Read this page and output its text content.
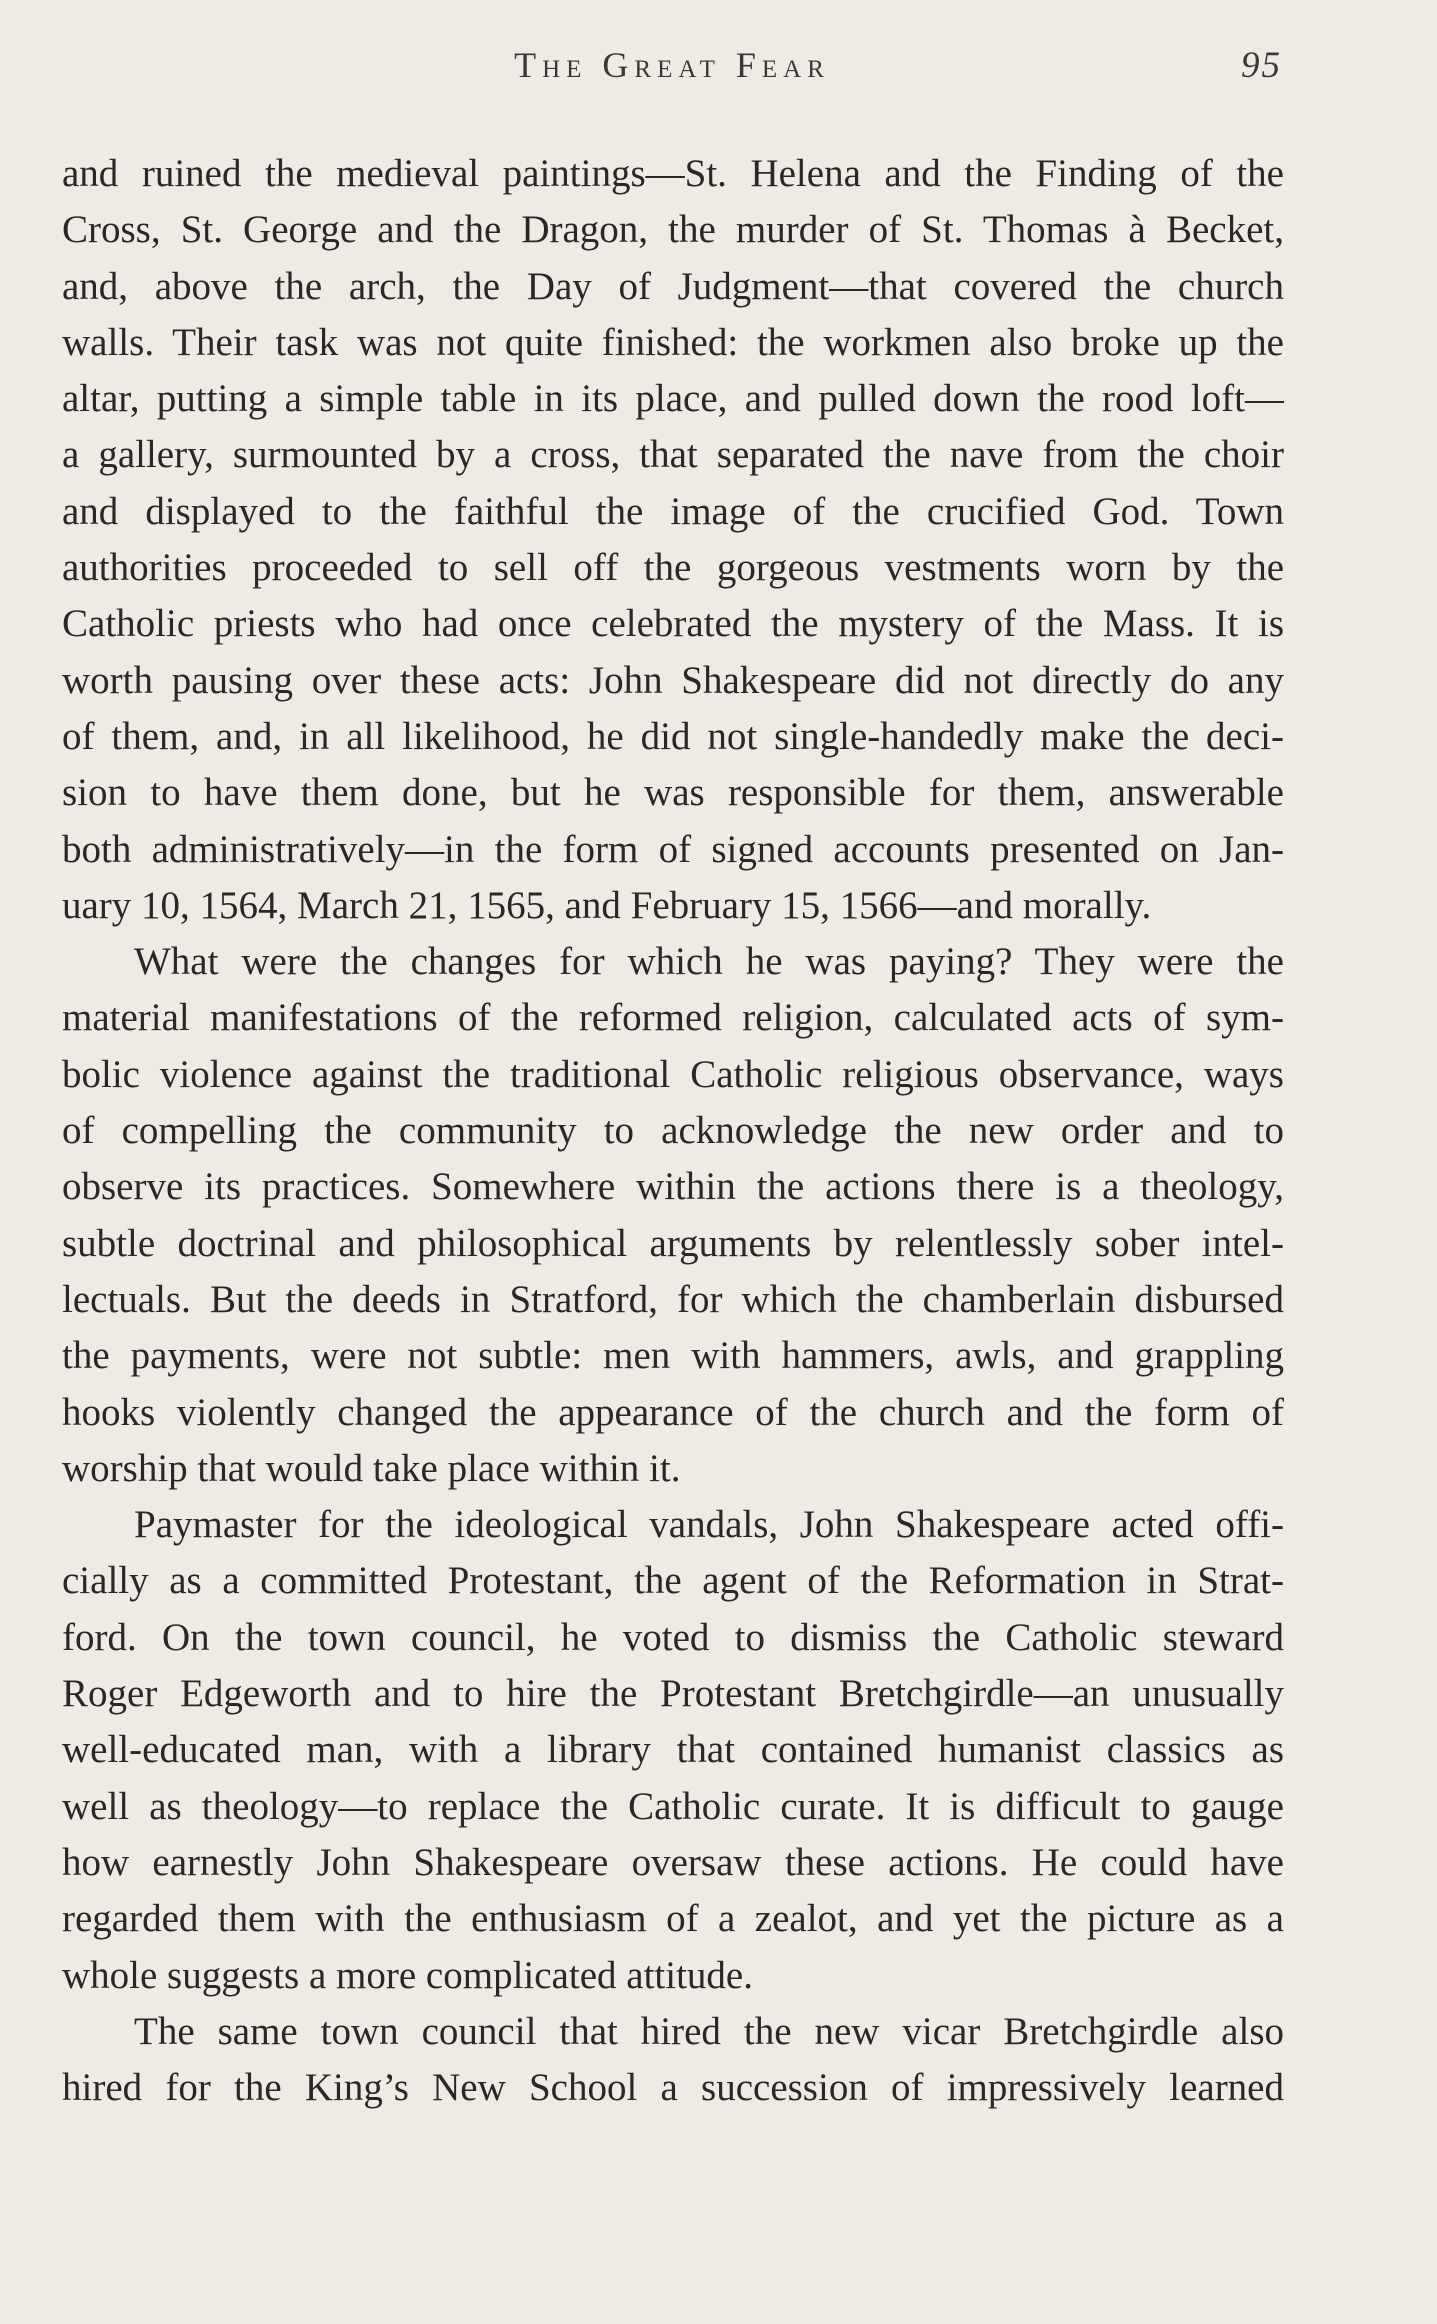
The Great Fear	95
and ruined the medieval paintings—St. Helena and the Finding of the
Cross, St. George and the Dragon, the murder of St. Thomas à Becket,
and, above the arch, the Day of Judgment—that covered the church
walls. Their task was not quite finished: the workmen also broke up the
altar, putting a simple table in its place, and pulled down the rood loft—
a gallery, surmounted by a cross, that separated the nave from the choir
and displayed to the faithful the image of the crucified God. Town
authorities proceeded to sell off the gorgeous vestments worn by the
Catholic priests who had once celebrated the mystery of the Mass. It is
worth pausing over these acts: John Shakespeare did not directly do any
of them, and, in all likelihood, he did not single-handedly make the deci-
sion to have them done, but he was responsible for them, answerable
both administratively—in the form of signed accounts presented on Jan-
uary 10, 1564, March 21, 1565, and February 15, 1566—and morally.
What were the changes for which he was paying? They were the
material manifestations of the reformed religion, calculated acts of sym-
bolic violence against the traditional Catholic religious observance, ways
of compelling the community to acknowledge the new order and to
observe its practices. Somewhere within the actions there is a theology,
subtle doctrinal and philosophical arguments by relentlessly sober intel-
lectuals. But the deeds in Stratford, for which the chamberlain disbursed
the payments, were not subtle: men with hammers, awls, and grappling
hooks violently changed the appearance of the church and the form of
worship that would take place within it.
Paymaster for the ideological vandals, John Shakespeare acted offi-
cially as a committed Protestant, the agent of the Reformation in Strat-
ford. On the town council, he voted to dismiss the Catholic steward
Roger Edgeworth and to hire the Protestant Bretchgirdle—an unusually
well-educated man, with a library that contained humanist classics as
well as theology—to replace the Catholic curate. It is difficult to gauge
how earnestly John Shakespeare oversaw these actions. He could have
regarded them with the enthusiasm of a zealot, and yet the picture as a
whole suggests a more complicated attitude.
The same town council that hired the new vicar Bretchgirdle also
hired for the King’s New School a succession of impressively learned
